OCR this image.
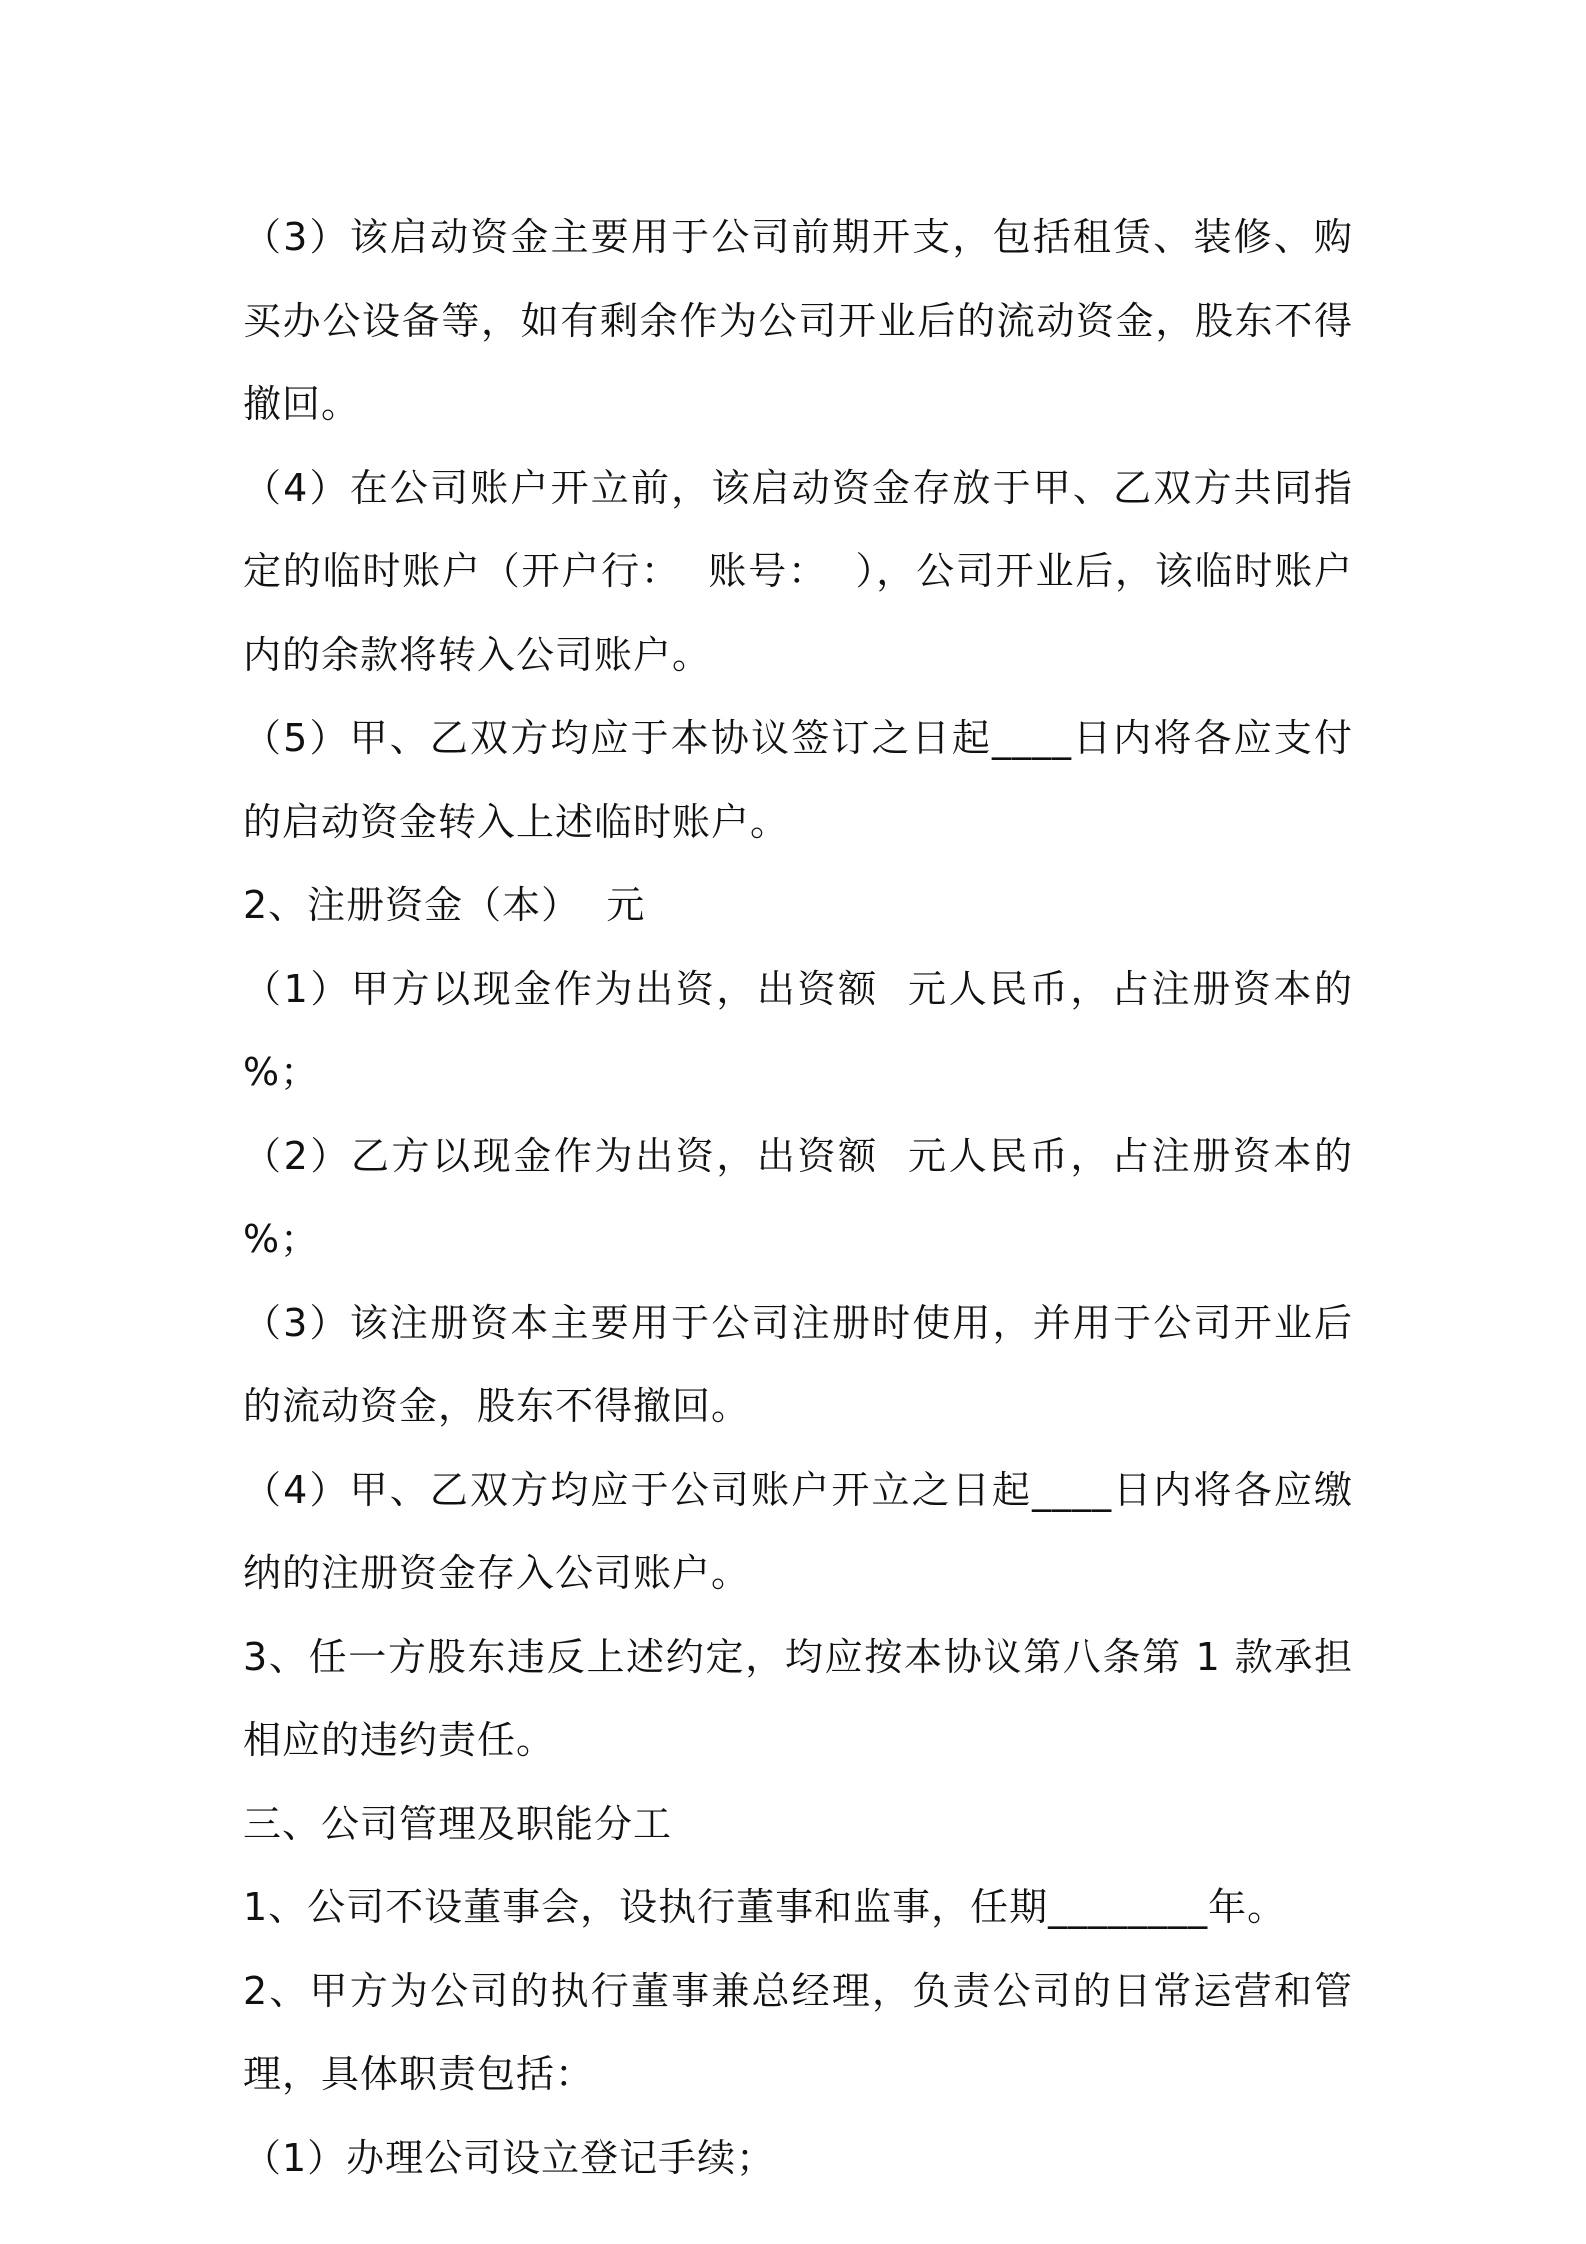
（3）该启动资金主要用于公司前期开支，包括租赁、装修、购买办公设备等，如有剩余作为公司开业后的流动资金，股东不得撤回。

（4）在公司账户开立前，该启动资金存放于甲、乙双方共同指定的临时账户（开户行：  账号：  ），公司开业后，该临时账户内的余款将转入公司账户。

（5）甲、乙双方均应于本协议签订之日起____日内将各应支付的启动资金转入上述临时账户。

2、注册资金（本）  元

（1）甲方以现金作为出资，出资额  元人民币，占注册资本的  %；

（2）乙方以现金作为出资，出资额  元人民币，占注册资本的  %；

（3）该注册资本主要用于公司注册时使用，并用于公司开业后的流动资金，股东不得撤回。

（4）甲、乙双方均应于公司账户开立之日起____日内将各应缴纳的注册资金存入公司账户。

3、任一方股东违反上述约定，均应按本协议第八条第 1 款承担相应的违约责任。

三、公司管理及职能分工

1、公司不设董事会，设执行董事和监事，任期________年。

2、甲方为公司的执行董事兼总经理，负责公司的日常运营和管理，具体职责包括：

（1）办理公司设立登记手续；
